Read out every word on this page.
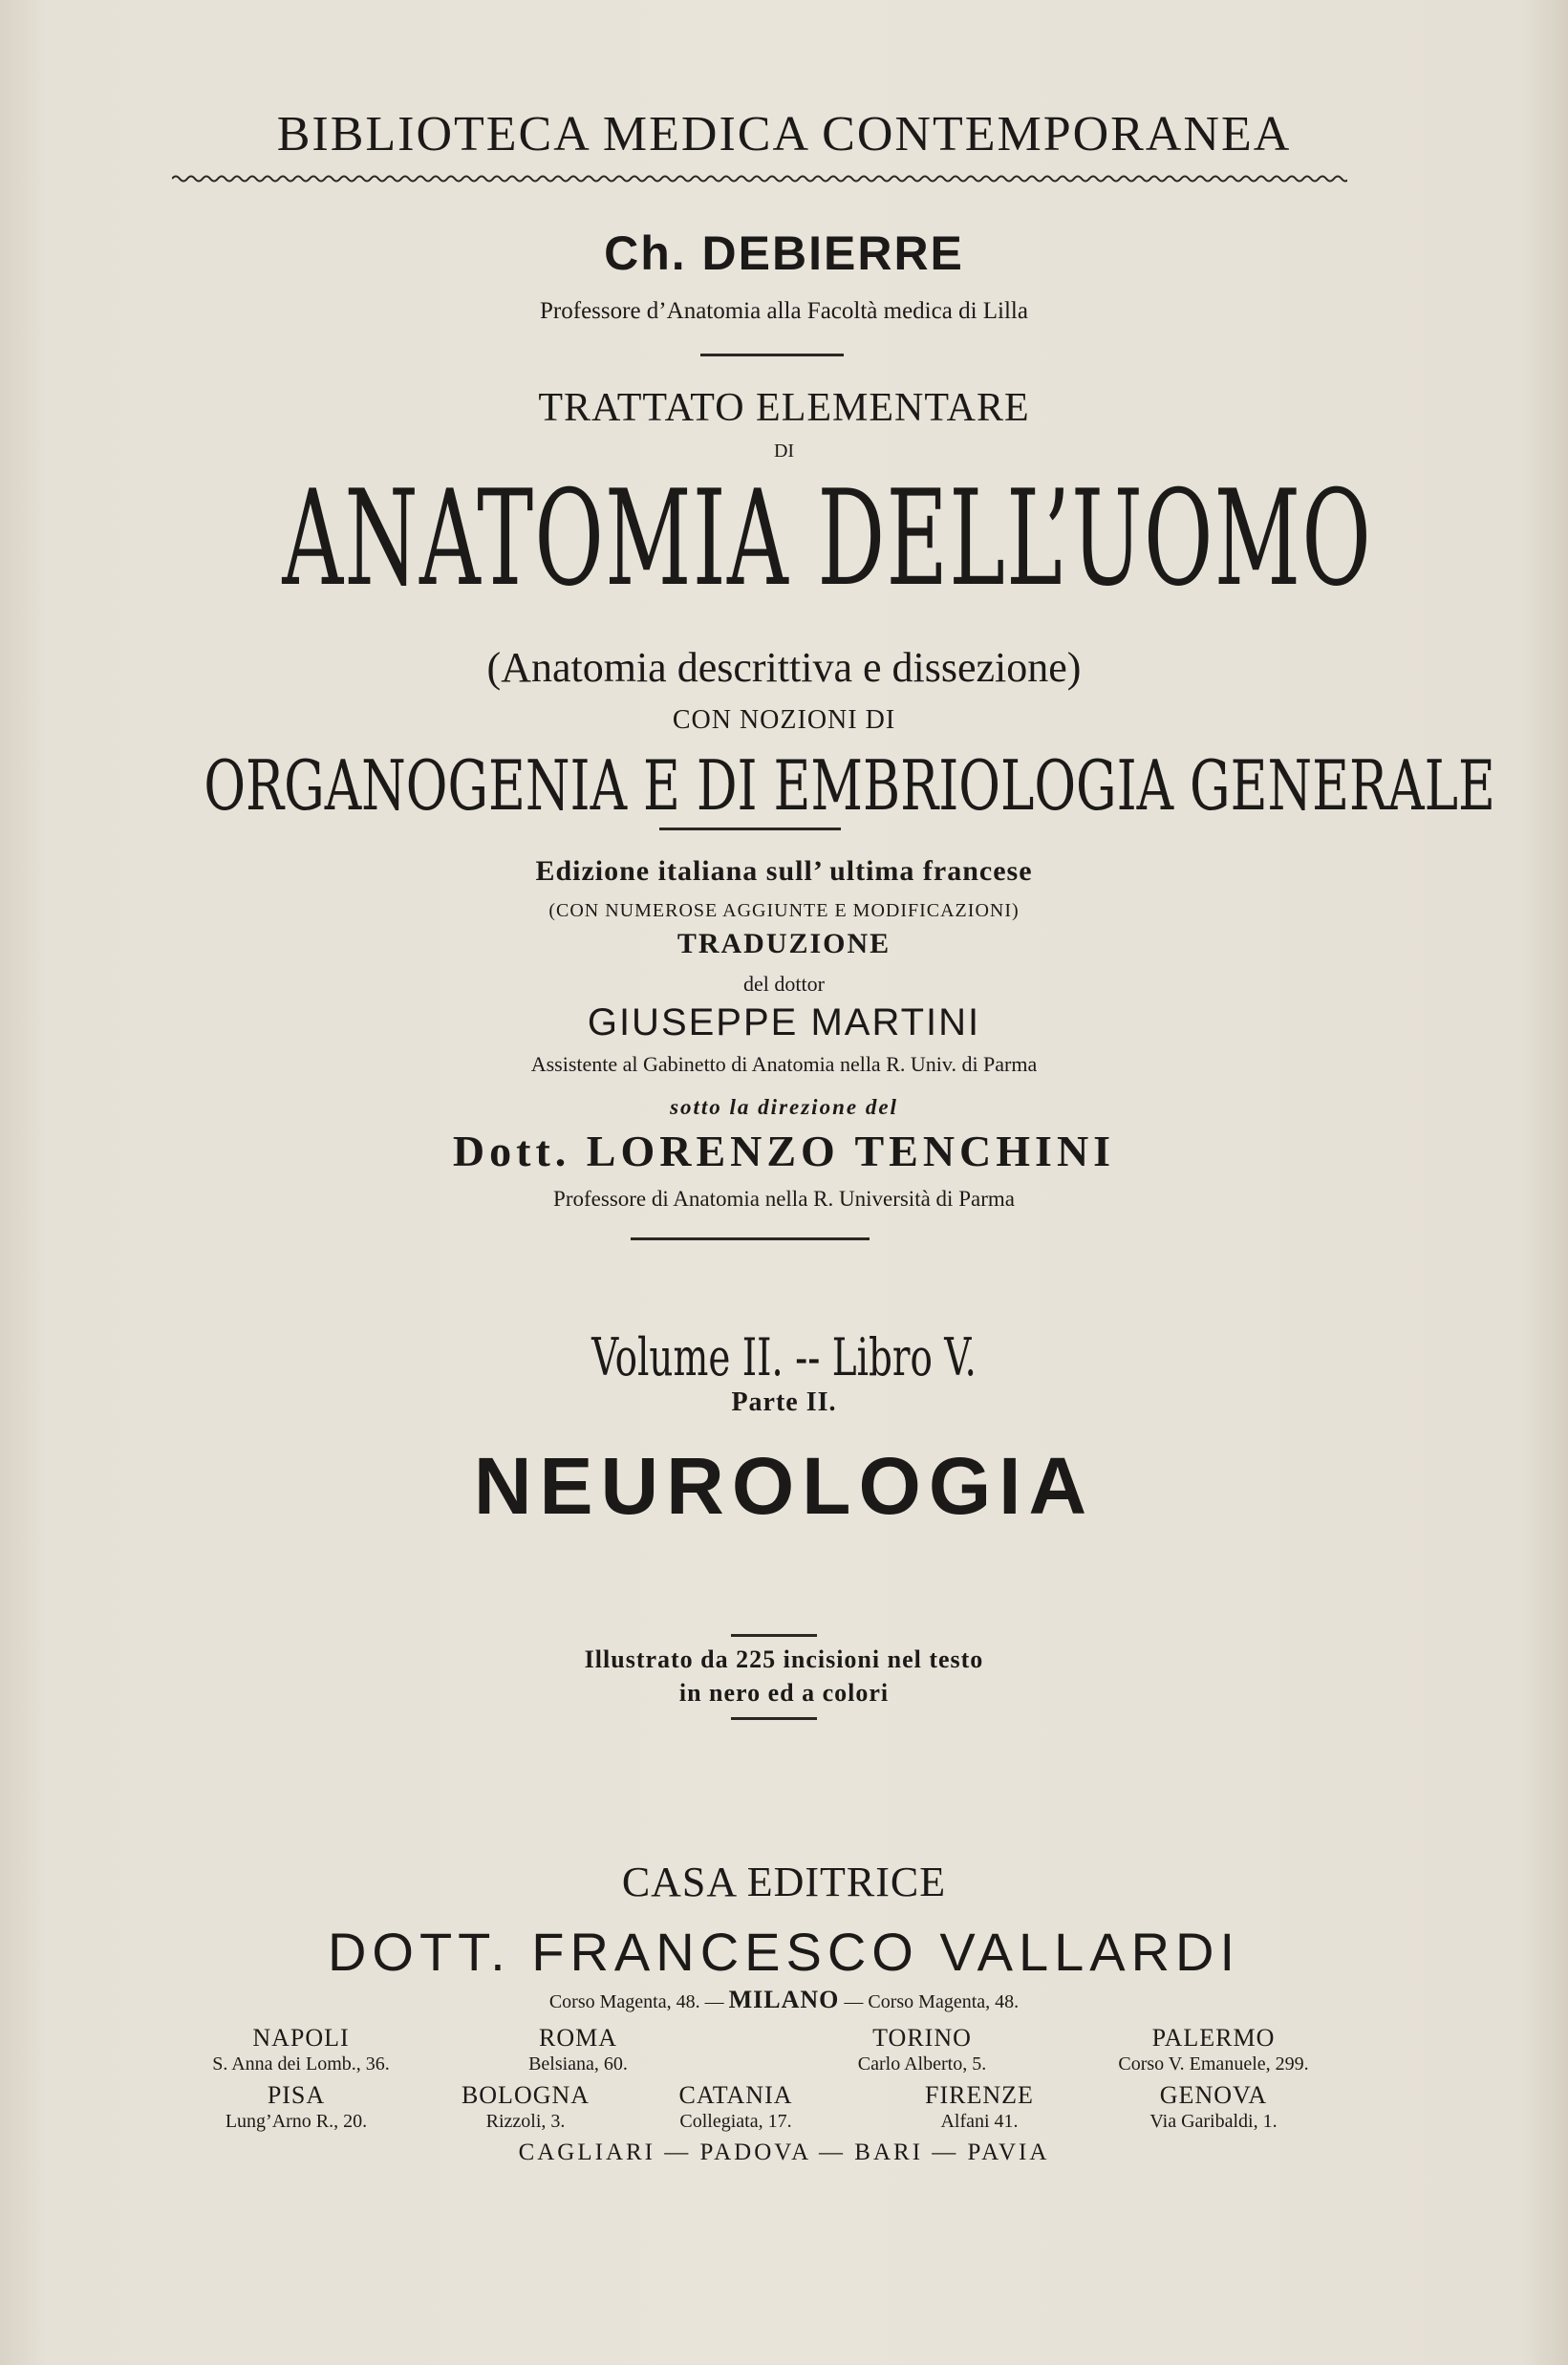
BIBLIOTECA MEDICA CONTEMPORANEA
Ch. DEBIERRE
Professore d’Anatomia alla Facoltà medica di Lilla
TRATTATO ELEMENTARE
DI
ANATOMIA DELL’UOMO
(Anatomia descrittiva e dissezione)
CON NOZIONI DI
ORGANOGENIA E DI EMBRIOLOGIA GENERALE
Edizione italiana sull’ ultima francese
(CON NUMEROSE AGGIUNTE E MODIFICAZIONI)
TRADUZIONE
del dottor
GIUSEPPE MARTINI
Assistente al Gabinetto di Anatomia nella R. Univ. di Parma
sotto la direzione del
Dott. LORENZO TENCHINI
Professore di Anatomia nella R. Università di Parma
Volume II. -- Libro V.
Parte II.
NEUROLOGIA
Illustrato da 225 incisioni nel testo
in nero ed a colori
CASA EDITRICE
DOTT. FRANCESCO VALLARDI
Corso Magenta, 48. — MILANO — Corso Magenta, 48.
NAPOLI
S. Anna dei Lomb., 36.
ROMA
Belsiana, 60.
TORINO
Carlo Alberto, 5.
PALERMO
Corso V. Emanuele, 299.
PISA
Lung’Arno R., 20.
BOLOGNA
Rizzoli, 3.
CATANIA
Collegiata, 17.
FIRENZE
Alfani 41.
GENOVA
Via Garibaldi, 1.
CAGLIARI — PADOVA — BARI — PAVIA
